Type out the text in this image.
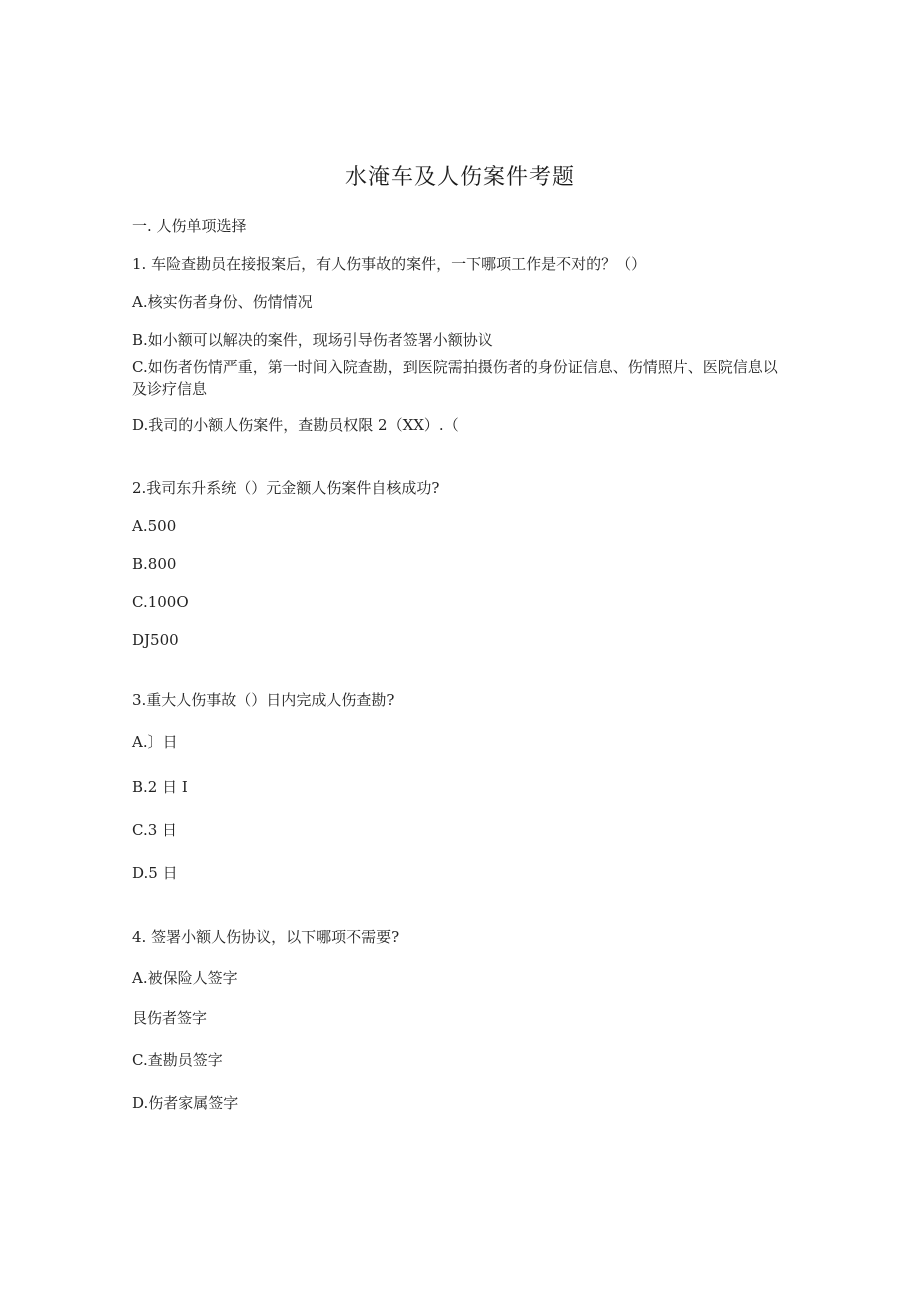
水淹车及人伤案件考题
一. 人伤单项选择
1. 车险查勘员在接报案后，有人伤事故的案件，一下哪项工作是不对的？（）
A.核实伤者身份、伤情情况
B.如小额可以解决的案件，现场引导伤者签署小额协议
C.如伤者伤情严重，第一时间入院查勘，到医院需拍摄伤者的身份证信息、伤情照片、医院信息以及诊疗信息
D.我司的小额人伤案件，查勘员权限 2（XX）.（
2.我司东升系统（）元金额人伤案件自核成功?
A.500
B.800
C.100O
DJ500
3.重大人伤事故（）日内完成人伤查勘?
A.〕日
B.2 日 I
C.3 日
D.5 日
4. 签署小额人伤协议，以下哪项不需要?
A.被保险人签字
艮伤者签字
C.查勘员签字
D.伤者家属签字
